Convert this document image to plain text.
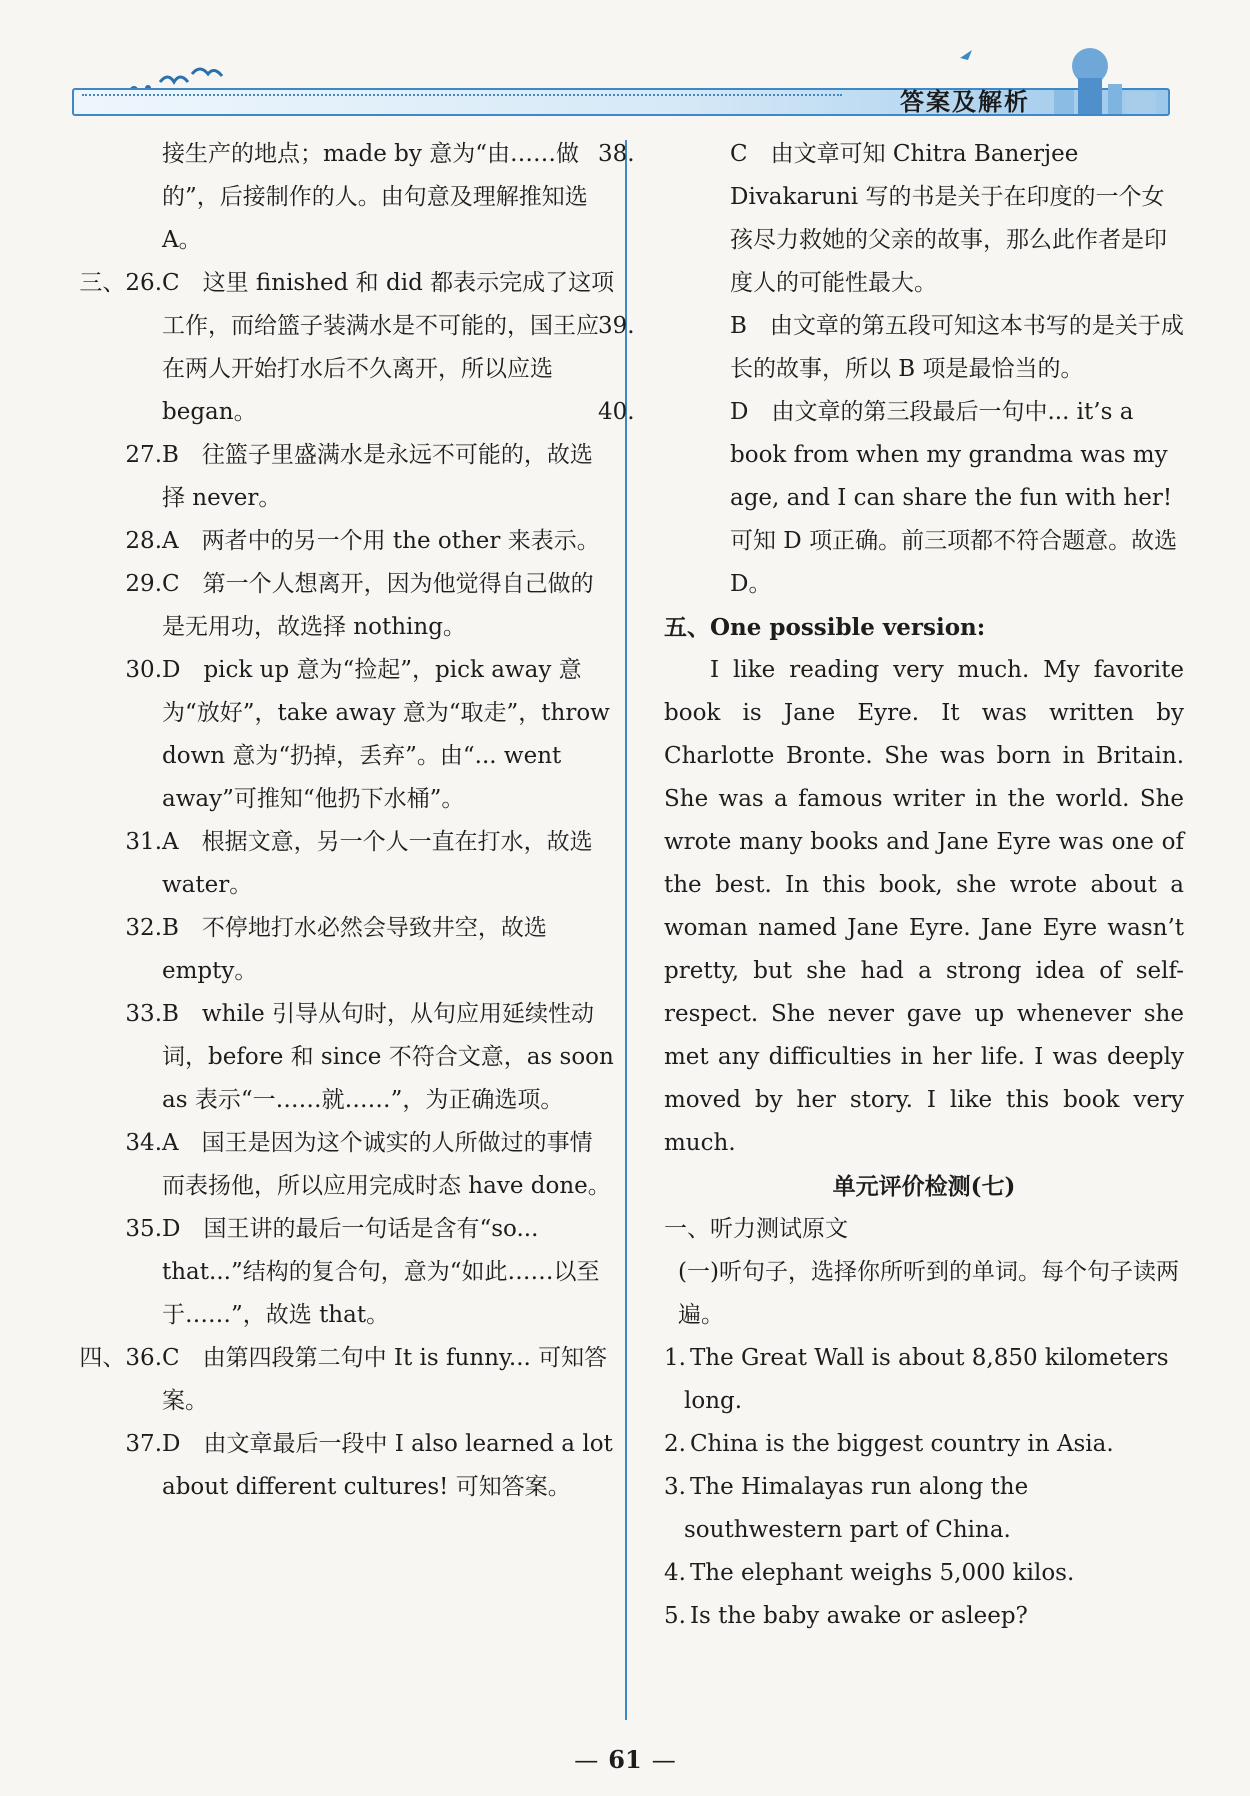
答案及解析

接生产的地点；made by 意为“由……做的”，后接制作的人。由句意及理解推知选 A。

三、26.C　这里 finished 和 did 都表示完成了这项工作，而给篮子装满水是不可能的，国王应在两人开始打水后不久离开，所以应选 began。

27.B　往篮子里盛满水是永远不可能的，故选择 never。

28.A　两者中的另一个用 the other 来表示。

29.C　第一个人想离开，因为他觉得自己做的是无用功，故选择 nothing。

30.D　pick up 意为“捡起”，pick away 意为“放好”，take away 意为“取走”，throw down 意为“扔掉，丢弃”。由“... went away”可推知“他扔下水桶”。

31.A　根据文意，另一个人一直在打水，故选 water。

32.B　不停地打水必然会导致井空，故选 empty。

33.B　while 引导从句时，从句应用延续性动词，before 和 since 不符合文意，as soon as 表示“一……就……”，为正确选项。

34.A　国王是因为这个诚实的人所做过的事情而表扬他，所以应用完成时态 have done。

35.D　国王讲的最后一句话是含有“so... that...”结构的复合句，意为“如此……以至于……”，故选 that。

四、36.C　由第四段第二句中 It is funny... 可知答案。

37.D　由文章最后一段中 I also learned a lot about different cultures! 可知答案。

38.	C　由文章可知 Chitra Banerjee Divakaruni 写的书是关于在印度的一个女孩尽力救她的父亲的故事，那么此作者是印度人的可能性最大。

39.	B　由文章的第五段可知这本书写的是关于成长的故事，所以 B 项是最恰当的。

40.	D　由文章的第三段最后一句中... it’s a book from when my grandma was my age, and I can share the fun with her! 可知 D 项正确。前三项都不符合题意。故选 D。

五、One possible version:

I like reading very much. My favorite book is Jane Eyre. It was written by Charlotte Bronte. She was born in Britain. She was a famous writer in the world. She wrote many books and Jane Eyre was one of the best. In this book, she wrote about a woman named Jane Eyre. Jane Eyre wasn’t pretty, but she had a strong idea of self-respect. She never gave up whenever she met any difficulties in her life. I was deeply moved by her story. I like this book very much.

单元评价检测(七)

一、听力测试原文

(一)听句子，选择你所听到的单词。每个句子读两遍。

1. The Great Wall is about 8,850 kilometers long.

2. China is the biggest country in Asia.

3. The Himalayas run along the southwestern part of China.

4. The elephant weighs 5,000 kilos.

5. Is the baby awake or asleep?

— 61 —
